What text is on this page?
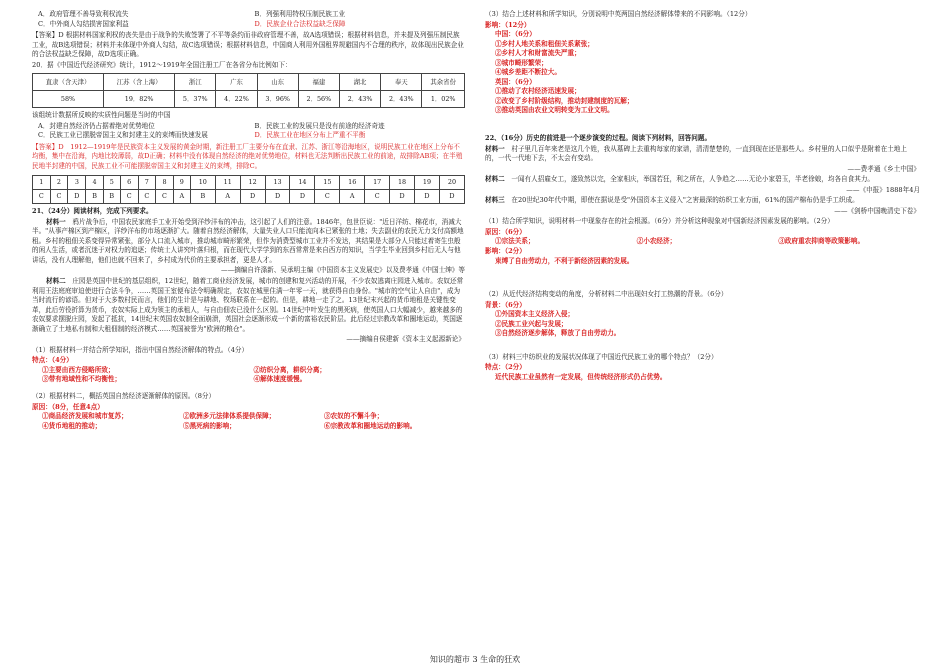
A．政府管理不善导致利权流失	B．列强利用特权压制民族工业
C．中外商人勾结损害国家利益	D．民族企业合法权益缺乏保障

【答案】D 根据材料国家利权的丧失是由于战争的失败签署了不平等条约而非政府管理不善，故A选项错误；根据材料信息，并未提及列强压制民族工业，故B选项错误；材料并未体现中外商人勾结，故C选项错误；根据材料信息，中国商人利用外国租界规避国内不合理的秩序，故体现出民族企业的合法权益缺乏保障，故D选项正确。

20．据《中国近代经济研究》统计，1912～1919年全国注册工厂在各省分布比例如下：

直隶（含天津）	江苏（含上海）	浙江	广东	山东	福建	湖北	奉天	其余省份
58%	19．82%	5．37%	4．22%	3．96%	2．56%	2．43%	2．43%	1．02%

该组统计数据所反映的实质性问题是当时的中国

A．封建自然经济仍占据着绝对优势地位	B．民族工业的发展只是没有前途的经济奇迹
C．民族工业已摆脱帝国主义和封建主义的束缚而快速发展	D．民族工业在地区分布上严重不平衡

【答案】D　1912—1919年是民族资本主义发展的黄金时期，新注册工厂主要分布在直隶、江苏、浙江等沿海地区，说明民族工业在地区上分布不均衡，集中在沿海，内地比较薄弱，故D正确；材料中没有体现自然经济的绝对优势地位，材料也无法判断出民族工业的前途，故排除AB项；在半殖民地半封建的中国，民族工业不可能摆脱帝国主义和封建主义的束缚，排除C。

1	2	3	4	5	6	7	8	9	10	11	12	13	14	15	16	17	18	19	20
C	C	D	B	B	C	C	C	A	B	A	D	D	D	C	A	C	D	D	D

21、（24分）阅读材料，完成下列要求。

材料一　 鸦片战争后，中国农民家庭手工业开始受到洋纱洋布的冲击，这引起了人们的注意。1846年，包世臣说："近日洋纺、棉花市，消减大半。"从事产棉区到产棉区，洋纱洋布的市场逐渐扩大。随着自然经济解体，大量失业人口只能流向本已紧张的土地；失去副业的农民无力支付高额地租。乡村的租佃关系变得异常紧张，部分人口流入城市，推动城市畸形繁荣，但作为消费型城市工业并不发达，其结果是大部分人只能过着寄生虫般的闲人生活，或者沉迷于对权力的追逐；传统士人讲究叶落归根，而在现代大学学到的东西常常是来自西方的知识，当学生毕业回到乡村后无人与他讲话，没有人理解他，他们也就不回来了，乡村成为代价的主要承担者，更是人才。

——摘编自许涤新、吴承明主编《中国资本主义发展史》以及费孝通《中国士绅》等

材料二　 庄园是英国中世纪的基层组织，12世纪，随着工商业经济发展，城市的创建和复兴活动的开展，不少农奴逃离庄园进入城市。农奴还常利用王法庭庭审迫使进行合法斗争，……英国王室便布法令明确规定，农奴在城里住满一年零一天，就获得自由身份。"城市的空气让人自由"，成为当时流行的谚语。但对于大多数村民而言，他们的生计是与耕地、牧场联系在一起的。但是，耕地一走了之。13世纪末兴起的货币地租是关键性变革，此后劳役折算为货币，农奴实际上成为领主的承租人，与自由佃农已没什么区别。14世纪中叶发生的黑死病，使英国人口大幅减少，越来越多的农奴要求摆脱庄园，发起了抵抗，14世纪末英国农奴制全面崩溃，英国社会逐渐形成一个新的富裕农民阶层。此后经过宗教改革和圈地运动，英国逐渐确立了土地私有制和大租佃制的经济模式……英国被誉为"欧洲的粮仓"。

——摘编自侯建新《资本主义起源新论》

（1）根据材料一并结合所学知识，指出中国自然经济解体的特点。（4分）

特点：（4分）
①主要由西方侵略所致；	②纺织分离，耕织分离；
③带有地域性和不均衡性；	④解体速度缓慢。

（2）根据材料二，概括英国自然经济逐渐解体的原因。（8分）

原因：（8分，任意4点）
①商品经济发展和城市复苏；	②欧洲多元法律体系提供保障；	③农奴的不懈斗争；
④货币地租的推动；	⑤黑死病的影响；	⑥宗教改革和圈地运动的影响。

（3）结合上述材料和所学知识，分别说明中英两国自然经济解体带来的不同影响。（12分）

影响：（12分）
中国：（6分）
①乡村人地关系和租佃关系紧张；
②乡村人才和财富流失严重；
③城市畸形繁荣；
④城乡差距不断拉大。
英国：（6分）
①推动了农村经济迅速发展；
②改变了乡村阶级结构，推动封建制度的瓦解；
③推动英国由农业文明转变为工业文明。

22、（16分）历史的前进是一个逐步演变的过程。阅读下列材料，回答问题。

材料一　 村子里几百年来老是这几个姓，我从墓碑上去重构每家的家谱，清清楚楚的，一直到现在还是那些人。乡村里的人口似乎是附着在土地上的，一代一代地下去，不太会有变动。

——费孝通《乡土中国》

材料二　 一闻有人招雇女工，遂致然以完，全家相庆，举国若狂，利之所在，人争趋之……无论小家碧玉，半老徐娘，均各自食其力。

——《申报》1888年4月

材料三　 在20世纪30年代中期，即使在据说是受"外国资本主义侵入"之害最深的纺织工业方面，61%的国产棉布仍是手工织成。

——《剑桥中国晚清史下卷》

（1）结合所学知识，说明材料一中现象存在的社会根源。（6分）并分析这种现象对中国新经济因素发展的影响。（2分）

原因：（6分）
①宗法关系；	②小农经济；	③政府重农抑商等政策影响。
影响：（2分）
束缚了自由劳动力，不利于新经济因素的发展。

（2）从近代经济结构变动的角度，分析材料二中出现妇女打工热潮的背景。（6分）

背景：（6分）
①外国资本主义经济入侵；
②民族工业兴起与发展；
③自然经济逐步解体，释放了自由劳动力。

（3）材料三中纺织业的发展状况体现了中国近代民族工业的哪个特点？（2分）

特点：（2分）
近代民族工业虽然有一定发展，但传统经济形式仍占优势。
知识的超市 3 生命的狂欢
